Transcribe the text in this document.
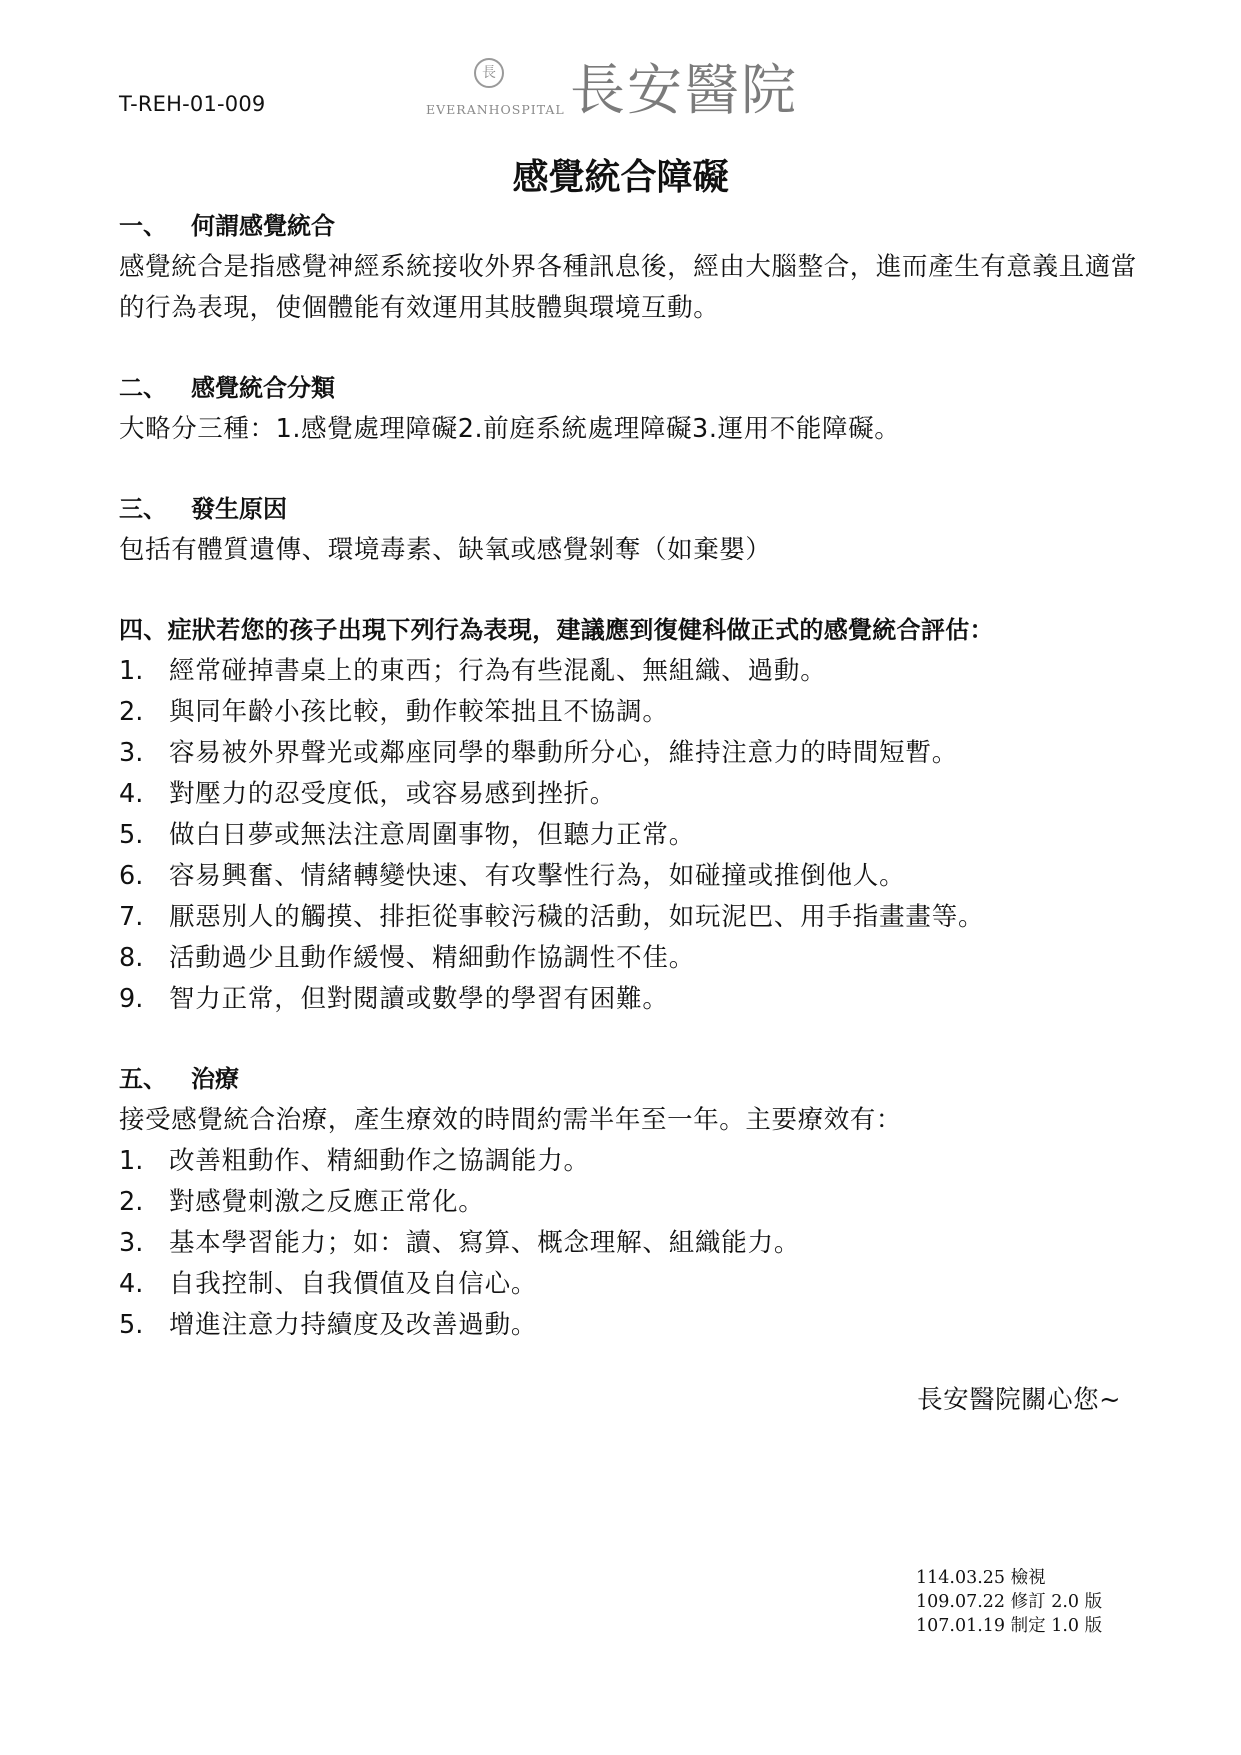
T-REH-01-009
長
EVERANHOSPITAL 長安醫院
感覺統合障礙
一、	何謂感覺統合

感覺統合是指感覺神經系統接收外界各種訊息後，經由大腦整合，進而產生有意義且適當的行為表現，使個體能有效運用其肢體與環境互動。

二、	感覺統合分類

大略分三種：1.感覺處理障礙2.前庭系統處理障礙3.運用不能障礙。

三、	發生原因

包括有體質遺傳、環境毒素、缺氧或感覺剝奪（如棄嬰）

四、症狀若您的孩子出現下列行為表現，建議應到復健科做正式的感覺統合評估：
1.	經常碰掉書桌上的東西；行為有些混亂、無組織、過動。
2.	與同年齡小孩比較，動作較笨拙且不協調。
3.	容易被外界聲光或鄰座同學的舉動所分心，維持注意力的時間短暫。
4.	對壓力的忍受度低，或容易感到挫折。
5.	做白日夢或無法注意周圍事物，但聽力正常。
6.	容易興奮、情緒轉變快速、有攻擊性行為，如碰撞或推倒他人。
7.	厭惡別人的觸摸、排拒從事較污穢的活動，如玩泥巴、用手指畫畫等。
8.	活動過少且動作緩慢、精細動作協調性不佳。
9.	智力正常，但對閱讀或數學的學習有困難。
五、	治療

接受感覺統合治療，產生療效的時間約需半年至一年。主要療效有：

1.	改善粗動作、精細動作之協調能力。
2.	對感覺刺激之反應正常化。
3.	基本學習能力；如：讀、寫算、概念理解、組織能力。
4.	自我控制、自我價值及自信心。
5.	增進注意力持續度及改善過動。
長安醫院關心您~
114.03.25 檢視
109.07.22 修訂 2.0 版
107.01.19 制定 1.0 版
